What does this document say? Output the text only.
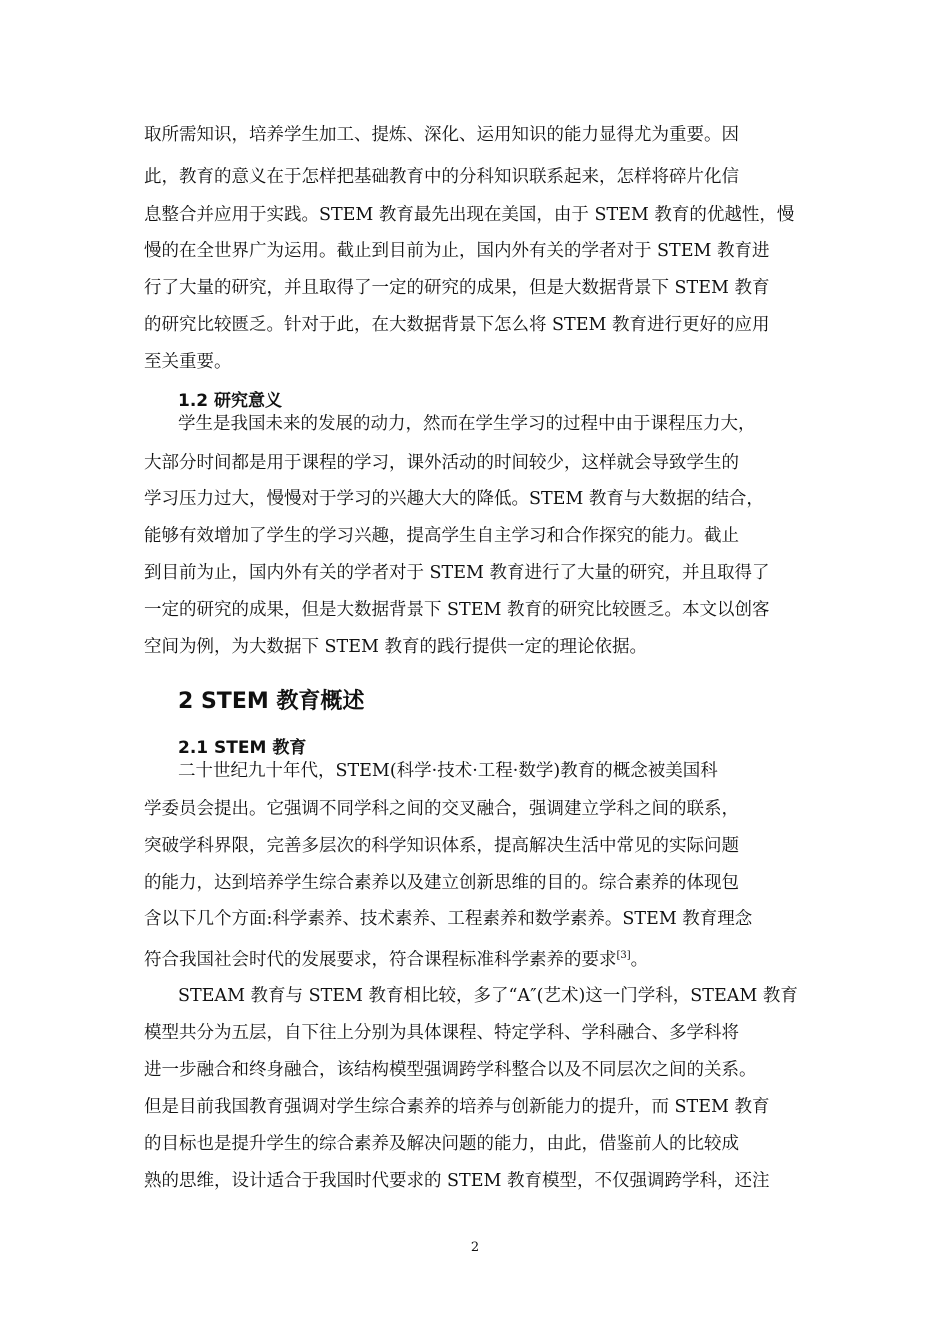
取所需知识，培养学生加工、提炼、深化、运用知识的能力显得尤为重要。因
此，教育的意义在于怎样把基础教育中的分科知识联系起来，怎样将碎片化信
息整合并应用于实践。STEM 教育最先出现在美国，由于 STEM 教育的优越性，慢
慢的在全世界广为运用。截止到目前为止，国内外有关的学者对于 STEM 教育进
行了大量的研究，并且取得了一定的研究的成果，但是大数据背景下 STEM 教育
的研究比较匮乏。针对于此，在大数据背景下怎么将 STEM 教育进行更好的应用
至关重要。
1.2 研究意义
学生是我国未来的发展的动力，然而在学生学习的过程中由于课程压力大，
大部分时间都是用于课程的学习，课外活动的时间较少，这样就会导致学生的
学习压力过大，慢慢对于学习的兴趣大大的降低。STEM 教育与大数据的结合，
能够有效增加了学生的学习兴趣，提高学生自主学习和合作探究的能力。截止
到目前为止，国内外有关的学者对于 STEM 教育进行了大量的研究，并且取得了
一定的研究的成果，但是大数据背景下 STEM 教育的研究比较匮乏。本文以创客
空间为例，为大数据下 STEM 教育的践行提供一定的理论依据。
2 STEM 教育概述
2.1 STEM 教育
二十世纪九十年代，STEM(科学·技术·工程·数学)教育的概念被美国科
学委员会提出。它强调不同学科之间的交叉融合，强调建立学科之间的联系，
突破学科界限，完善多层次的科学知识体系，提高解决生活中常见的实际问题
的能力，达到培养学生综合素养以及建立创新思维的目的。综合素养的体现包
含以下几个方面:科学素养、技术素养、工程素养和数学素养。STEM 教育理念
符合我国社会时代的发展要求，符合课程标准科学素养的要求[3]。
STEAM 教育与 STEM 教育相比较，多了“A″(艺术)这一门学科，STEAM 教育
模型共分为五层，自下往上分别为具体课程、特定学科、学科融合、多学科将
进一步融合和终身融合，该结构模型强调跨学科整合以及不同层次之间的关系。
但是目前我国教育强调对学生综合素养的培养与创新能力的提升，而 STEM 教育
的目标也是提升学生的综合素养及解决问题的能力，由此，借鉴前人的比较成
熟的思维，设计适合于我国时代要求的 STEM 教育模型，不仅强调跨学科，还注
2
